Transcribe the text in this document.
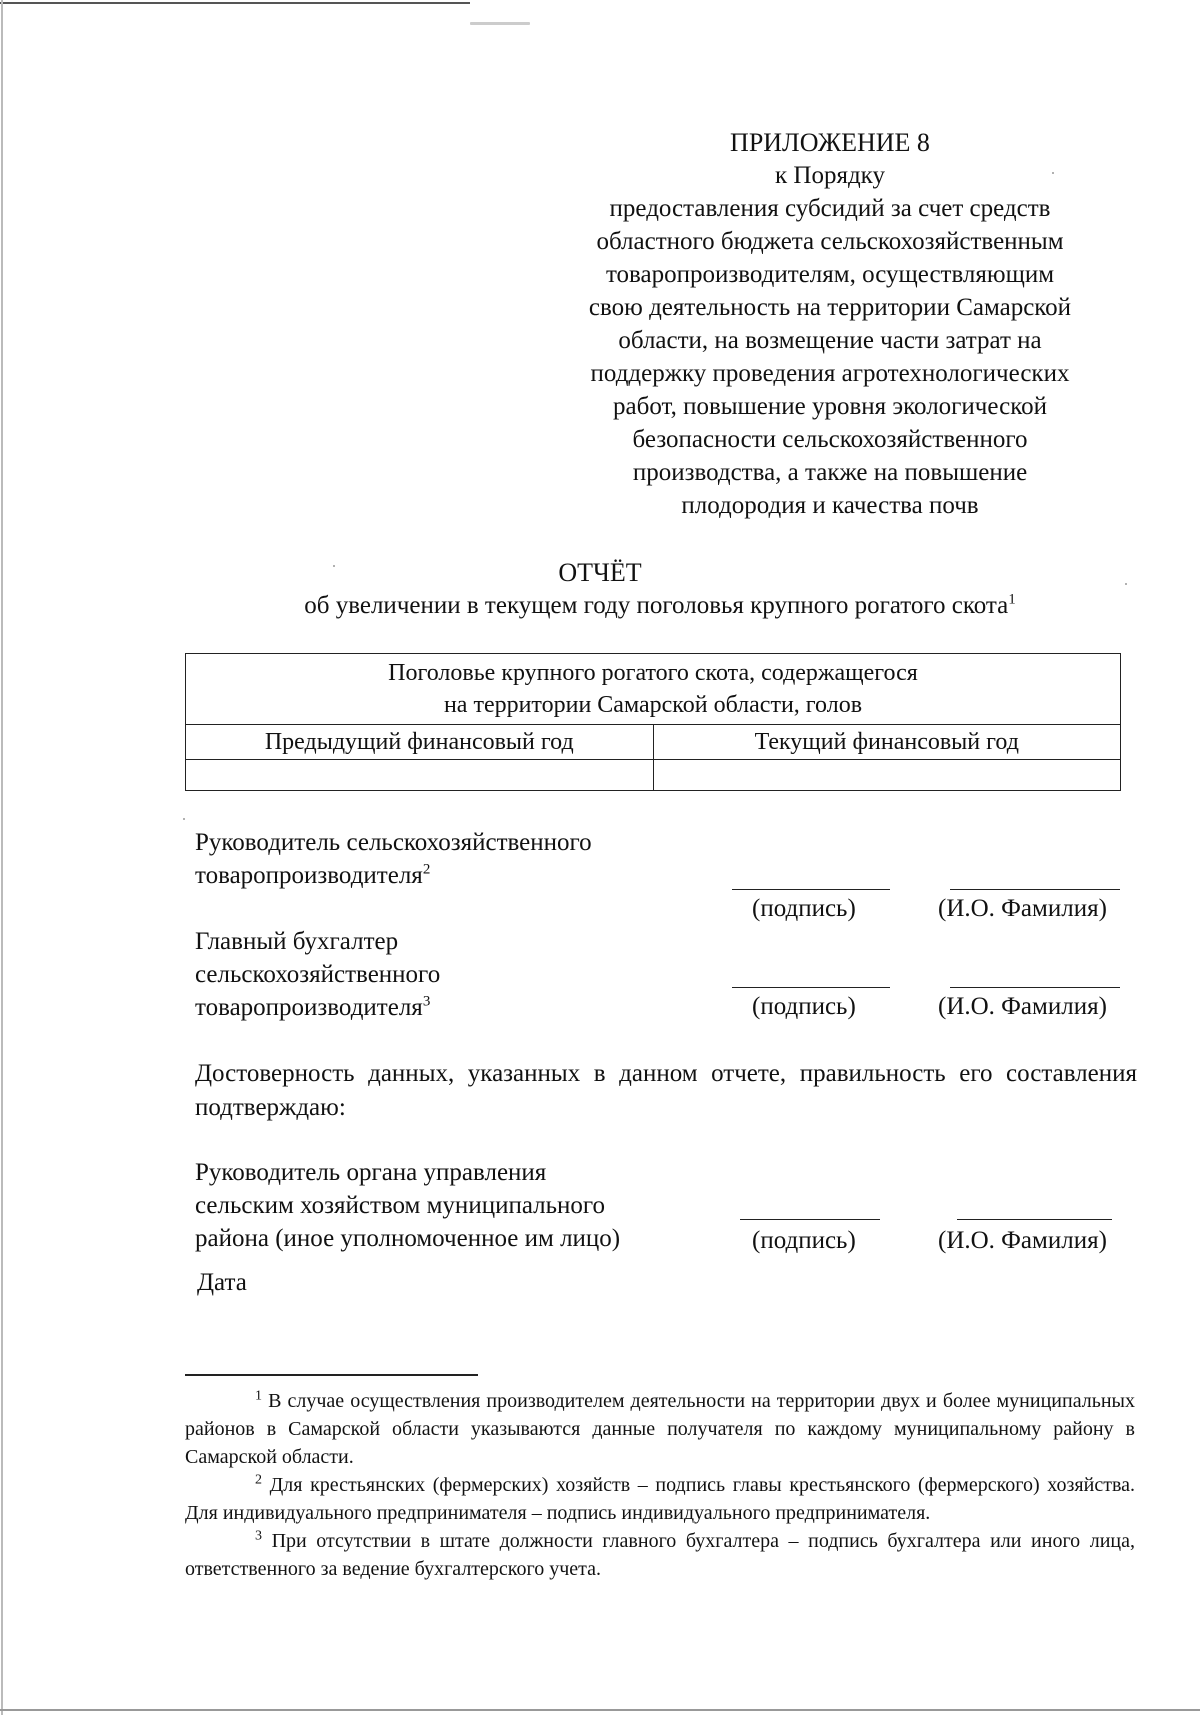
ПРИЛОЖЕНИЕ 8
к Порядку
предоставления субсидий за счет средств
областного бюджета сельскохозяйственным
товаропроизводителям, осуществляющим
свою деятельность на территории Самарской
области, на возмещение части затрат на
поддержку проведения агротехнологических
работ, повышение уровня экологической
безопасности сельскохозяйственного
производства, а также на повышение
плодородия и качества почв
ОТЧЁТ
об увеличении в текущем году поголовья крупного рогатого скота$^1$
Поголовье крупного рогатого скота, содержащегося
на территории Самарской области, голов	

Предыдущий финансовый год	Текущий финансовый год

Руководитель сельскохозяйственного
товаропроизводителя$^2$
(подпись)	(И.О. Фамилия)
Главный бухгалтер
сельскохозяйственного
товаропроизводителя$^3$	(подпись)	(И.О. Фамилия)
Достоверность данных, указанных в данном отчете, правильность его составления подтверждаю:
Руководитель органа управления
сельским хозяйством муниципального
района (иное уполномоченное им лицо)	(подпись)	(И.О. Фамилия)
Дата

$^1$ В случае осуществления производителем деятельности на территории двух и более муниципальных районов в Самарской области указываются данные получателя по каждому муниципальному району в Самарской области.

$^2$ Для крестьянских (фермерских) хозяйств – подпись главы крестьянского (фермерского) хозяйства. Для индивидуального предпринимателя – подпись индивидуального предпринимателя.

$^3$ При отсутствии в штате должности главного бухгалтера – подпись бухгалтера или иного лица, ответственного за ведение бухгалтерского учета.
